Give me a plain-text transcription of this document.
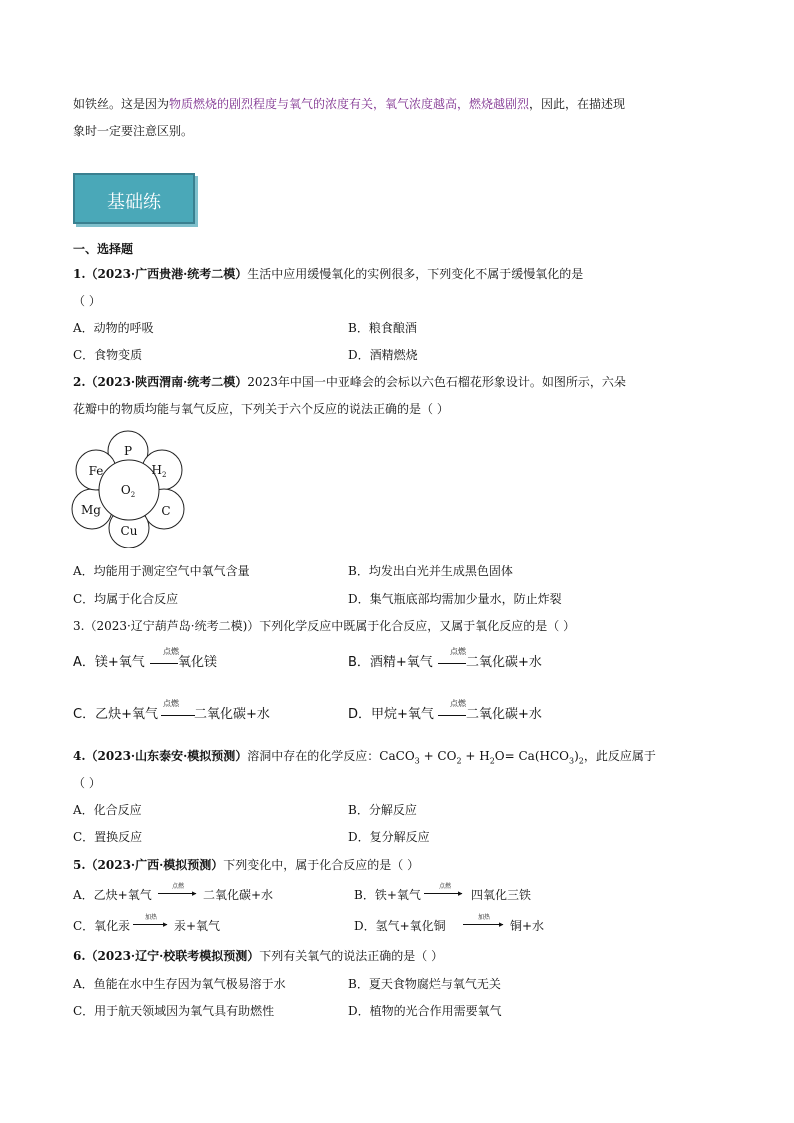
如铁丝。这是因为物质燃烧的剧烈程度与氧气的浓度有关，氧气浓度越高，燃烧越剧烈，因此，在描述现
象时一定要注意区别。
基础练
一、选择题
1.（2023·广西贵港·统考二模）生活中应用缓慢氧化的实例很多，下列变化不属于缓慢氧化的是
（ ）
A．动物的呼吸	B．粮食酿酒
C．食物变质	D．酒精燃烧
2.（2023·陕西渭南·统考二模）2023年中国一中亚峰会的会标以六色石榴花形象设计。如图所示，六朵
花瓣中的物质均能与氧气反应，下列关于六个反应的说法正确的是（ ）
P
$H_2$
C
Cu
Mg
Fe
$O_2$
A．均能用于测定空气中氧气含量	B．均发出白光并生成黑色固体
C．均属于化合反应	D．集气瓶底部均需加少量水，防止炸裂
3.（2023·辽宁葫芦岛·统考二模)）下列化学反应中既属于化合反应，又属于氧化反应的是（ ）
A．镁+氧气
点燃
氧化镁	B．酒精+氧气
点燃
二氧化碳+水
C．乙炔+氧气
点燃
二氧化碳+水	D．甲烷+氧气
点燃
二氧化碳+水
4.（2023·山东泰安·模拟预测）溶洞中存在的化学反应：CaCO$_3$ + $CO_2 + H_2O= Ca(HCO_3)_2$，此反应属于
（ ）
A．化合反应	B．分解反应
C．置换反应	D．复分解反应
5.（2023·广西·模拟预测）下列变化中，属于化合反应的是（ ）
A．乙炔+氧气
点燃
▸ 二氧化碳+水	B．铁+氧气
点燃
▸ 四氧化三铁
C．氧化汞
加热
▸ 汞+氧气	D．氢气+氧化铜
加热
▸ 铜+水
6.（2023·辽宁·校联考模拟预测）下列有关氧气的说法正确的是（ ）
A．鱼能在水中生存因为氧气极易溶于水	B．夏天食物腐烂与氧气无关
C．用于航天领域因为氧气具有助燃性	D．植物的光合作用需要氧气
